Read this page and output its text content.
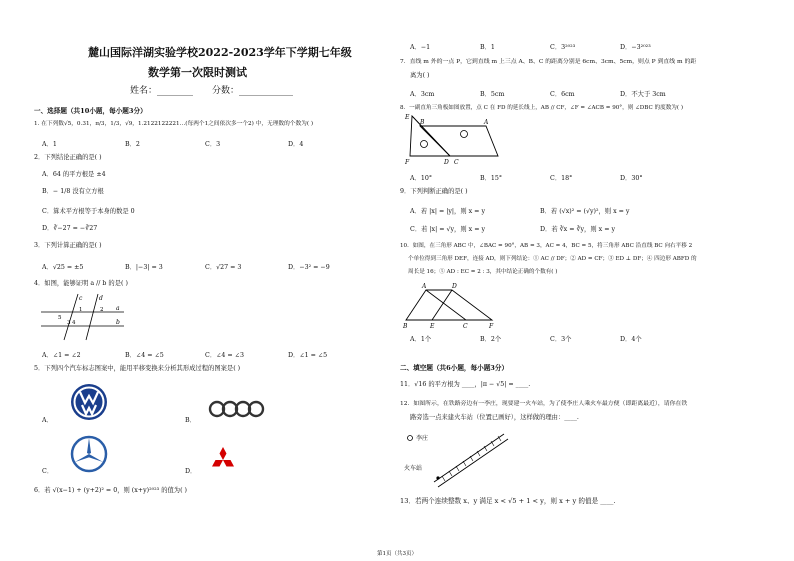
麓山国际洋湖实验学校2022-2023学年下学期七年级
数学第一次限时测试
姓名：________ 分数：____________
一、选择题（共10小题，每小题3分）
1. 在下列数√5，0.31，π/3，1/3，√9，1.2122122221…(每两个1之间依次多一个2) 中，无理数的个数为( )
A．1	B．2	C．3	D．4
2．下列结论正确的是( )
A．64 的平方根是 ±4
B．− 1/8 没有立方根
C．算术平方根等于本身的数是 0
D．∛−27 = −∛27
3．下列计算正确的是( )
A．√25 = ±5	B．|−3| = 3	C．√27 = 3	D．−3² = −9
4．如图，能够证明 a // b 的是( )
c	d
1	2 a
5
3 4	b
A．∠1 = ∠2	B．∠4 = ∠5	C．∠4 = ∠3	D．∠1 = ∠5
5．下列四个汽车标志图案中，能用平移变换来分析其形成过程的图案是( )
A．	B．
C．	D．
6．若 √(x−1) + (y+2)² = 0，则 (x+y)²⁰²³ 的值为( )
A．−1	B．1	C．3²⁰²³	D．−3²⁰²³
7．直线 m 外的一点 P，它到直线 m 上三点 A、B、C 的距离分别是 6cm、3cm、5cm，则点 P 到直线 m 的距
离为( )
A．3cm	B．5cm	C．6cm	D．不大于 3cm
8．一副直角三角板如图放置，点 C 在 FD 的延长线上，AB // CF，∠F = ∠ACB = 90°，则 ∠DBC 的度数为( )
E
B	A
F	D C
A．10°	B．15°	C．18°	D．30°
9．下列判断正确的是( )
A．若 |x| = |y|，则 x = y	B．若 (√x)² = (√y)²，则 x = y
C．若 |x| = √y，则 x = y	D．若 ∛x = ∛y，则 x = y
10．如图，在三角形 ABC 中，∠BAC = 90°，AB = 3，AC = 4，BC = 5，将三角形 ABC 沿直线 BC 向右平移 2
个单位得到三角形 DEF，连接 AD，则下列结论：① AC // DF；② AD = CF；③ ED ⊥ DF；④ 四边形 ABFD 的
周长是 16；⑤ AD : EC = 2 : 3，其中结论正确的个数有( )
A	D
B	E	C	F
A．1个	B．2个	C．3个	D．4个
二、填空题（共6小题，每小题3分）
11．√16 的平方根为 ____，|π − √5| = ____.
12．如图所示，在铁路旁边有一李庄，现要建一火车站，为了使李庄人乘火车最方便（即距离最近），请你在铁
路旁选一点来建火车站（位置已画好），这样做的理由：____.
李庄
火车站
13．若两个连续整数 x、y 满足 x < √5 + 1 < y，则 x + y 的值是 ____.
第1页（共3页）
